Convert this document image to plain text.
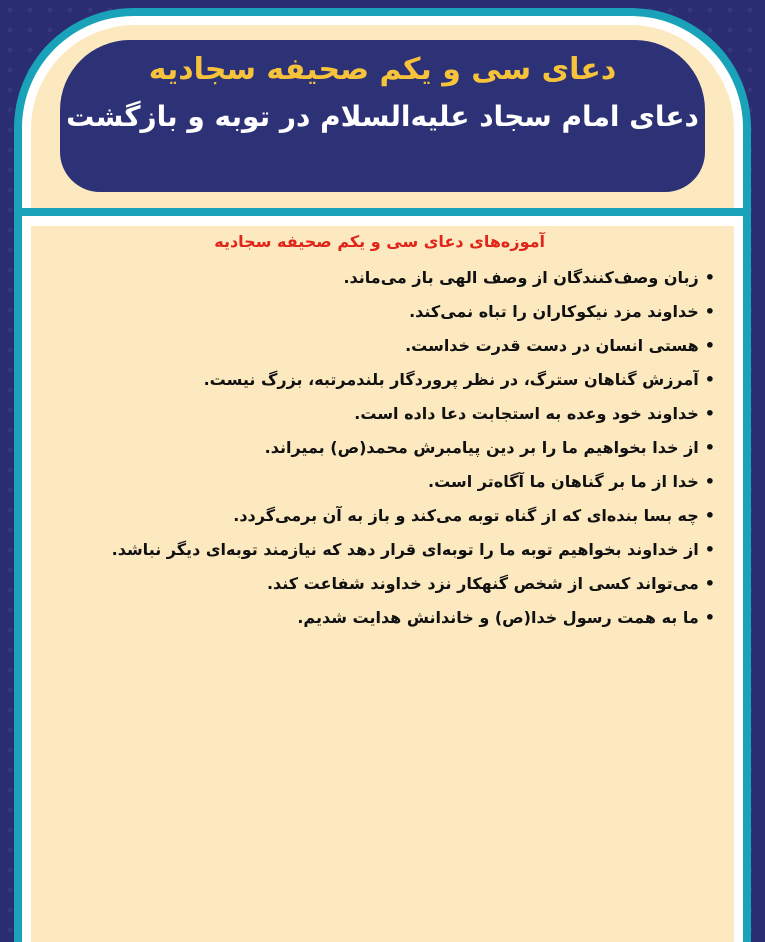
دعای سی و یکم صحیفه سجادیه
دعای امام سجاد علیه‌السلام در توبه و بازگشت
آموزه‌های دعای سی و یکم صحیفه سجادیه
•زبان وصف‌کنندگان از وصف الهی باز می‌ماند.
•خداوند مزد نیکوکاران را تباه نمی‌کند.
•هستی انسان در دست قدرت خداست.
•آمرزش گناهان سترگ، در نظر پروردگار بلندمرتبه، بزرگ نیست.
•خداوند خود وعده به استجابت دعا داده است.
•از خدا بخواهیم ما را بر دین پیامبرش محمد(ص) بمیراند.
•خدا از ما بر گناهان ما آگاه‌تر است.
•چه بسا بنده‌ای که از گناه توبه می‌کند و باز به آن برمی‌گردد.
•از خداوند بخواهیم توبه ما را توبه‌ای قرار دهد که نیازمند توبه‌ای دیگر نباشد.
•می‌تواند کسی از شخص گنهکار نزد خداوند شفاعت کند.
•ما به همت رسول خدا(ص) و خاندانش هدایت شدیم.
